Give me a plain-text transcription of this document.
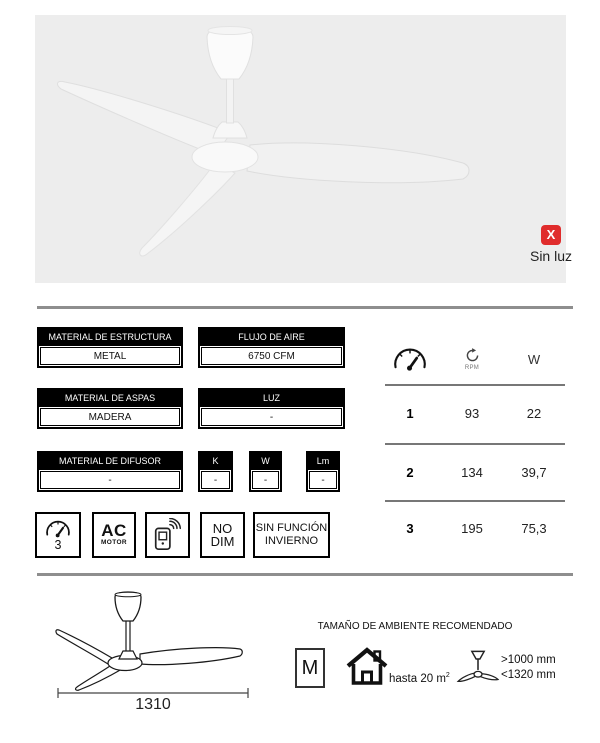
X
Sin luz
MATERIAL DE ESTRUCTURA
METAL
FLUJO DE AIRE
6750 CFM
MATERIAL DE ASPAS
MADERA
LUZ
-
MATERIAL DE DIFUSOR
-
K
-
W
-
Lm
-
3
AC
MOTOR
NO
DIM
SIN FUNCIÓN
INVIERNO
RPM
W
1	93	22
2	134	39,7
3	195	75,3
1310
TAMAÑO DE AMBIENTE RECOMENDADO
M
hasta 20 $m^2$
>1000 mm
<1320 mm
